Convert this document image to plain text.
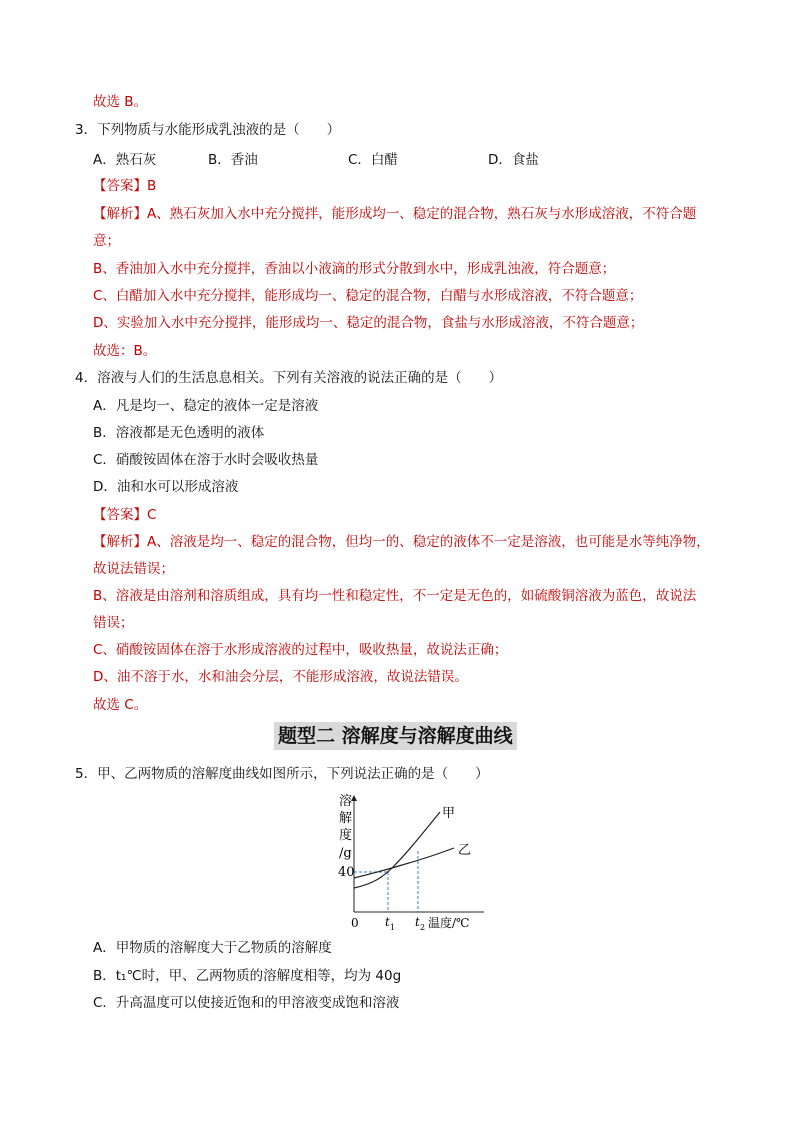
故选 B。
3．下列物质与水能形成乳浊液的是（　　）
A．熟石灰	B．香油	C．白醋	D．食盐
【答案】B
【解析】A、熟石灰加入水中充分搅拌，能形成均一、稳定的混合物，熟石灰与水形成溶液，不符合题
意；
B、香油加入水中充分搅拌，香油以小液滴的形式分散到水中，形成乳浊液，符合题意；
C、白醋加入水中充分搅拌，能形成均一、稳定的混合物，白醋与水形成溶液，不符合题意；
D、实验加入水中充分搅拌，能形成均一、稳定的混合物，食盐与水形成溶液，不符合题意；
故选：B。
4．溶液与人们的生活息息相关。下列有关溶液的说法正确的是（　　）
A．凡是均一、稳定的液体一定是溶液
B．溶液都是无色透明的液体
C．硝酸铵固体在溶于水时会吸收热量
D．油和水可以形成溶液
【答案】C
【解析】A、溶液是均一、稳定的混合物，但均一的、稳定的液体不一定是溶液，也可能是水等纯净物，
故说法错误；
B、溶液是由溶剂和溶质组成，具有均一性和稳定性，不一定是无色的，如硫酸铜溶液为蓝色，故说法
错误；
C、硝酸铵固体在溶于水形成溶液的过程中，吸收热量，故说法正确；
D、油不溶于水，水和油会分层，不能形成溶液，故说法错误。
故选 C。
题型二 溶解度与溶解度曲线
5．甲、乙两物质的溶解度曲线如图所示，下列说法正确的是（　　）
溶
解
度
/g
40
甲
乙
0 t 1 t 2 温度/℃
A．甲物质的溶解度大于乙物质的溶解度
B．t₁℃时，甲、乙两物质的溶解度相等，均为 40g
C．升高温度可以使接近饱和的甲溶液变成饱和溶液
